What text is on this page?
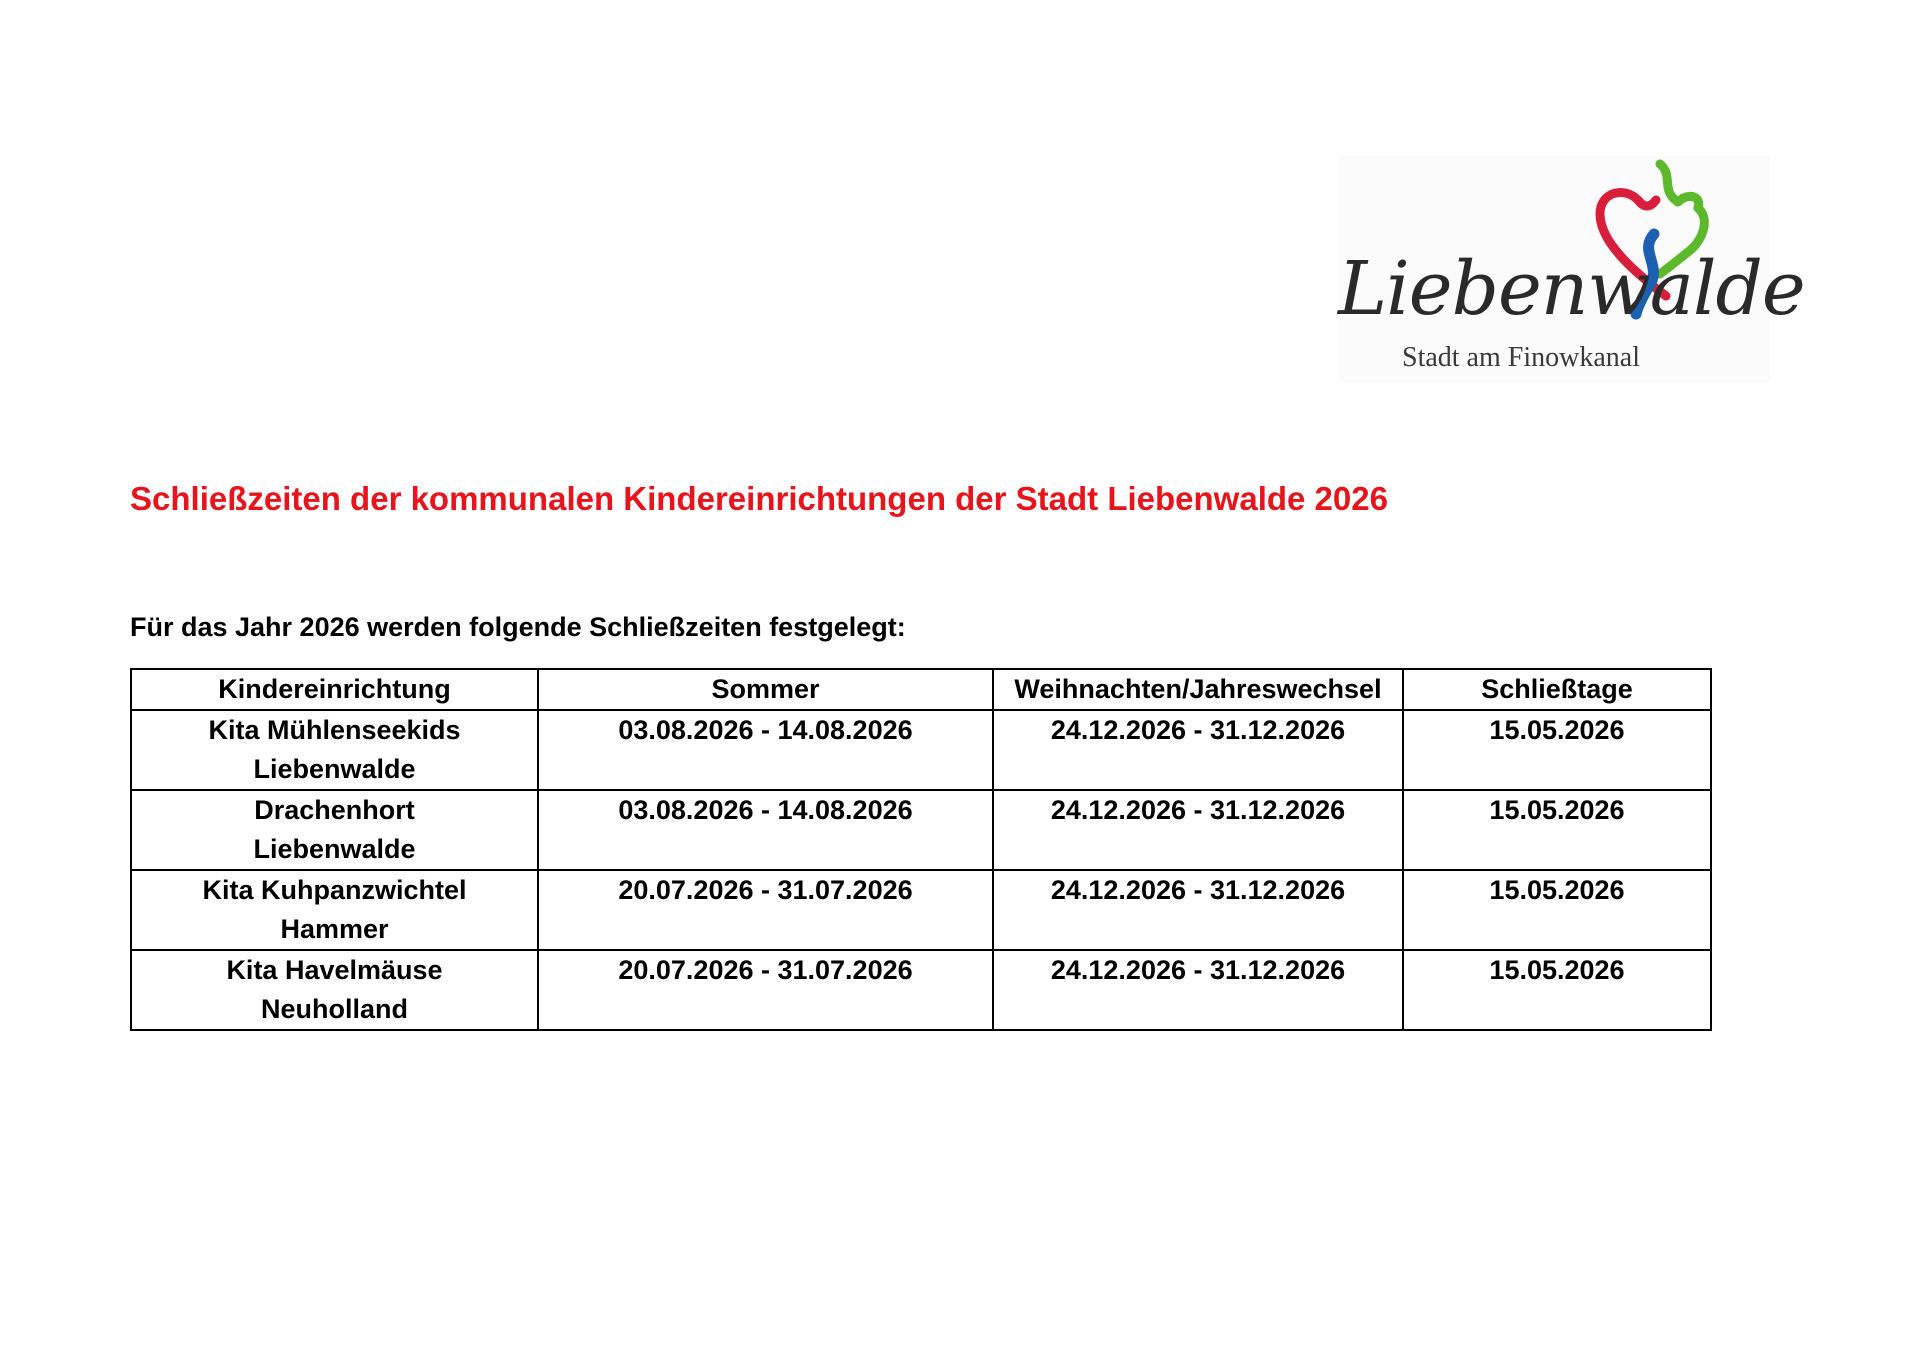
Liebenwalde
Stadt am Finowkanal
Schließzeiten der kommunalen Kindereinrichtungen der Stadt Liebenwalde 2026
Für das Jahr 2026 werden folgende Schließzeiten festgelegt:
Kindereinrichtung	Sommer	Weihnachten/Jahreswechsel	Schließtage

Kita Mühlenseekids
Liebenwalde	03.08.2026 - 14.08.2026	24.12.2026 - 31.12.2026	15.05.2026

Drachenhort
Liebenwalde	03.08.2026 - 14.08.2026	24.12.2026 - 31.12.2026	15.05.2026

Kita Kuhpanzwichtel
Hammer	20.07.2026 - 31.07.2026	24.12.2026 - 31.12.2026	15.05.2026

Kita Havelmäuse
Neuholland	20.07.2026 - 31.07.2026	24.12.2026 - 31.12.2026	15.05.2026
